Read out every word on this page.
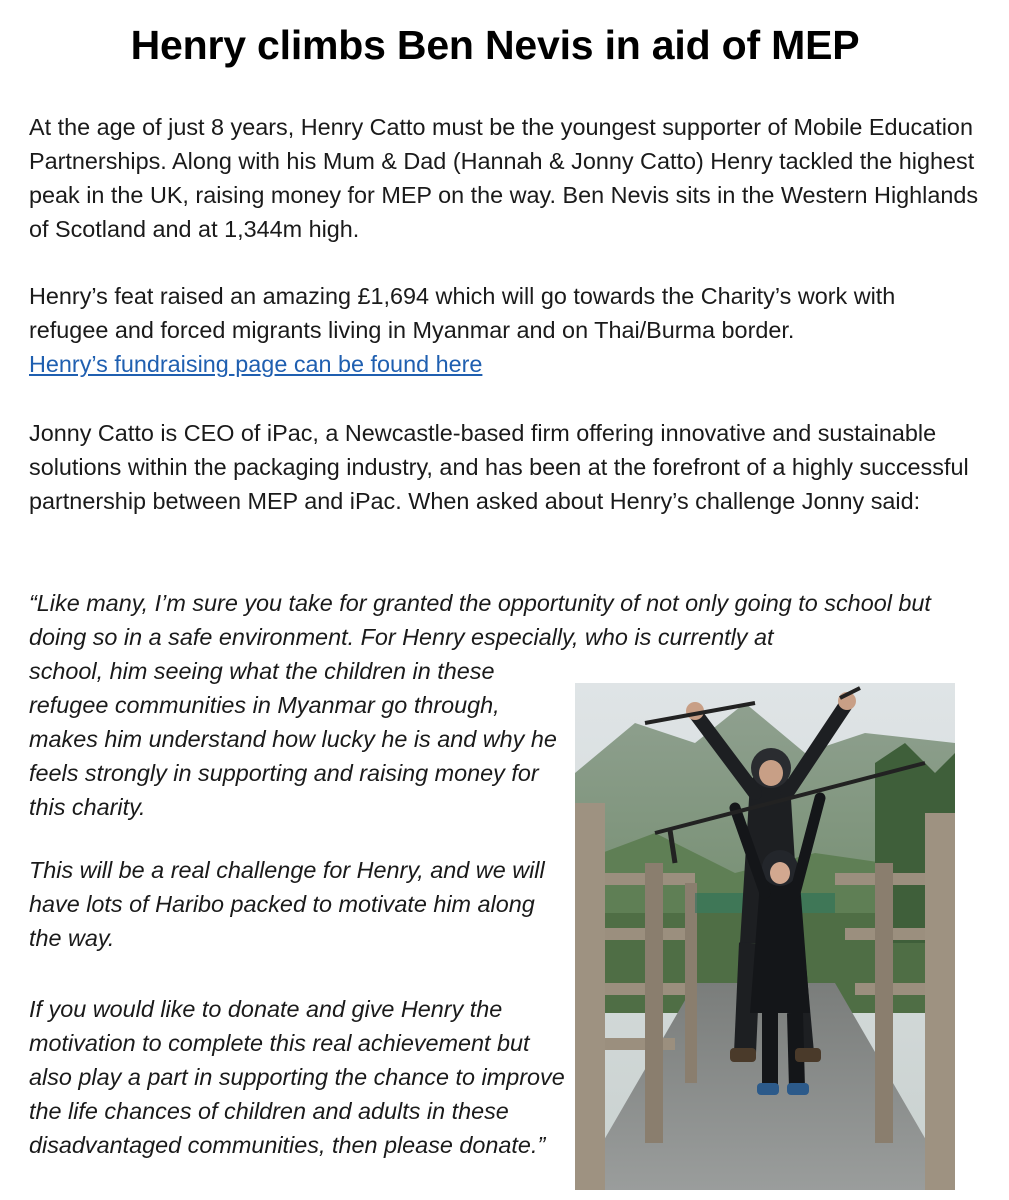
Henry climbs Ben Nevis in aid of MEP

At the age of just 8 years, Henry Catto must be the youngest supporter of Mobile Education Partnerships. Along with his Mum & Dad (Hannah & Jonny Catto) Henry tackled the highest peak in the UK, raising money for MEP on the way. Ben Nevis sits in the Western Highlands of Scotland and at 1,344m high.

Henry’s feat raised an amazing £1,694 which will go towards the Charity’s work with refugee and forced migrants living in Myanmar and on Thai/Burma border.
Henry’s fundraising page can be found here

Jonny Catto is CEO of iPac, a Newcastle-based firm offering innovative and sustainable solutions within the packaging industry, and has been at the forefront of a highly successful partnership between MEP and iPac. When asked about Henry’s challenge Jonny said:

“Like many, I’m sure you take for granted the opportunity of not only going to school but doing so in a safe environment. For Henry especially, who is currently at

school, him seeing what the children in these refugee communities in Myanmar go through, makes him understand how lucky he is and why he feels strongly in supporting and raising money for this charity.

This will be a real challenge for Henry, and we will have lots of Haribo packed to motivate him along the way.

If you would like to donate and give Henry the motivation to complete this real achievement but also play a part in supporting the chance to improve the life chances of children and adults in these disadvantaged communities, then please donate.”
